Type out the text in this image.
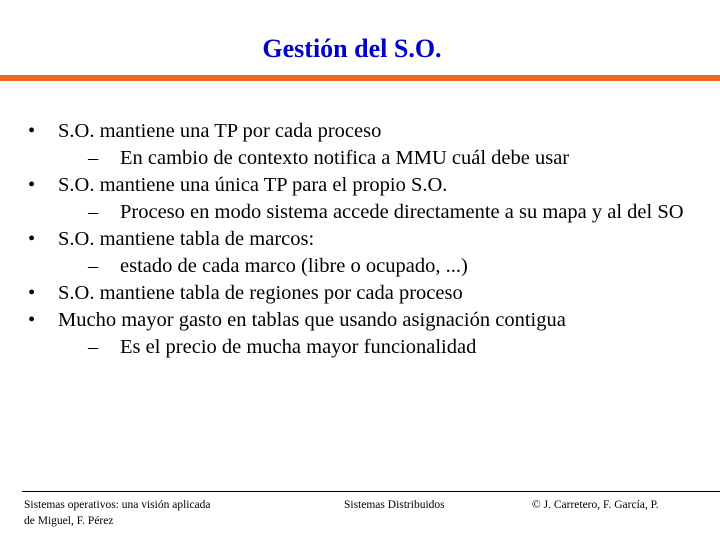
Gestión del S.O.
• S.O. mantiene una TP por cada proceso
– En cambio de contexto notifica a MMU cuál debe usar
• S.O. mantiene una única TP para el propio S.O.
– Proceso en modo sistema accede directamente a su mapa y al del SO
• S.O. mantiene tabla de marcos:
– estado de cada marco (libre o ocupado, ...)
• S.O. mantiene tabla de regiones por cada proceso
• Mucho mayor gasto en tablas que usando asignación contigua
– Es el precio de mucha mayor funcionalidad
Sistemas operativos: una visión aplicada
de Miguel, F. Pérez
Sistemas Distribuidos	© J. Carretero, F. García, P.
